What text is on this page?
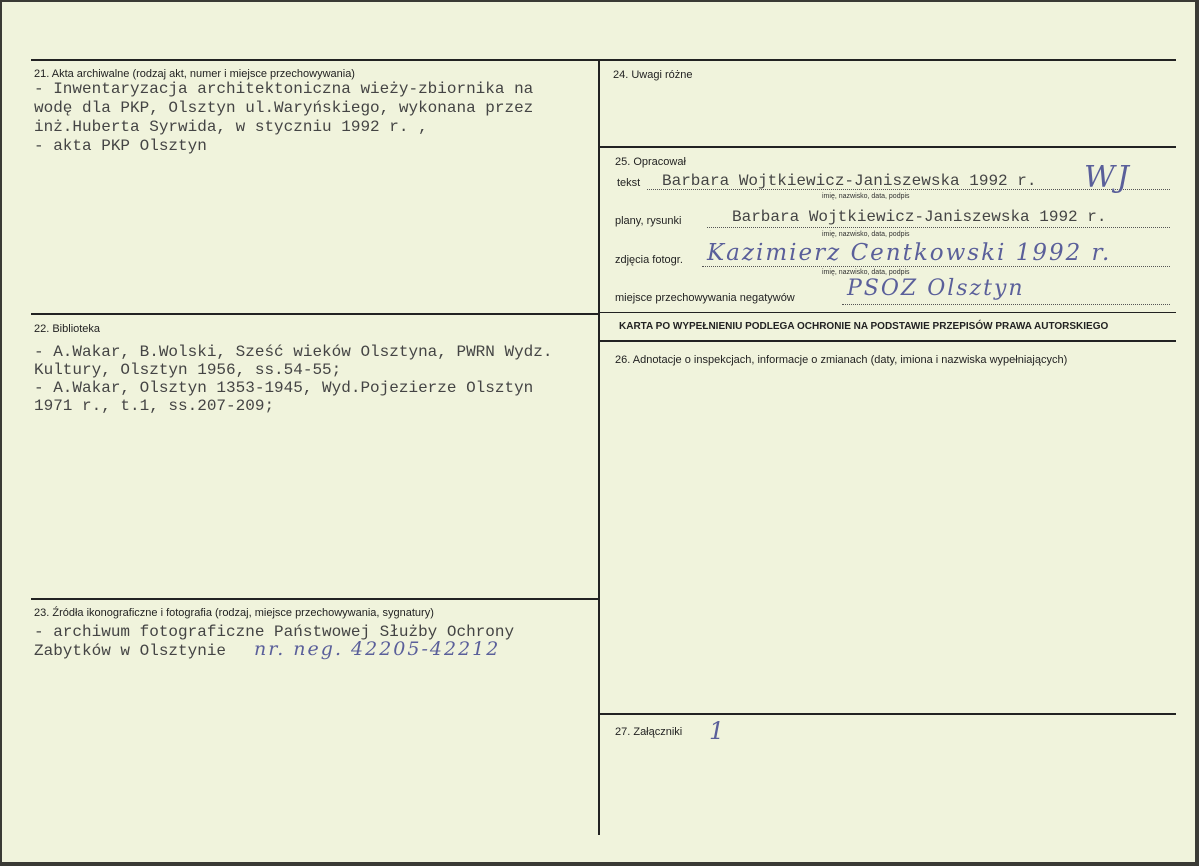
21. Akta archiwalne (rodzaj akt, numer i miejsce przechowywania)
- Inwentaryzacja architektoniczna wieży-zbiornika na
wodę dla PKP, Olsztyn ul.Waryńskiego, wykonana przez
inż.Huberta Syrwida, w styczniu 1992 r. ,
- akta PKP Olsztyn
22. Biblioteka
- A.Wakar, B.Wolski, Sześć wieków Olsztyna, PWRN Wydz.
Kultury, Olsztyn 1956, ss.54-55;
- A.Wakar, Olsztyn 1353-1945, Wyd.Pojezierze Olsztyn
1971 r., t.1, ss.207-209;
23. Źródła ikonograficzne i fotografia (rodzaj, miejsce przechowywania, sygnatury)
- archiwum fotograficzne Państwowej Służby Ochrony
Zabytków w Olsztynie nr. neg. 42205-42212
24. Uwagi różne
25. Opracował
tekst Barbara Wojtkiewicz-Janiszewska 1992 r. WJ
imię, nazwisko, data, podpis
plany, rysunki	Barbara Wojtkiewicz-Janiszewska 1992 r.
imię, nazwisko, data, podpis
zdjęcia fotogr. Kazimierz Centkowski 1992 r.
imię, nazwisko, data, podpis
miejsce przechowywania negatywów PSOZ Olsztyn
KARTA PO WYPEŁNIENIU PODLEGA OCHRONIE NA PODSTAWIE PRZEPISÓW PRAWA AUTORSKIEGO
26. Adnotacje o inspekcjach, informacje o zmianach (daty, imiona i nazwiska wypełniających)
27. Załączniki 1
